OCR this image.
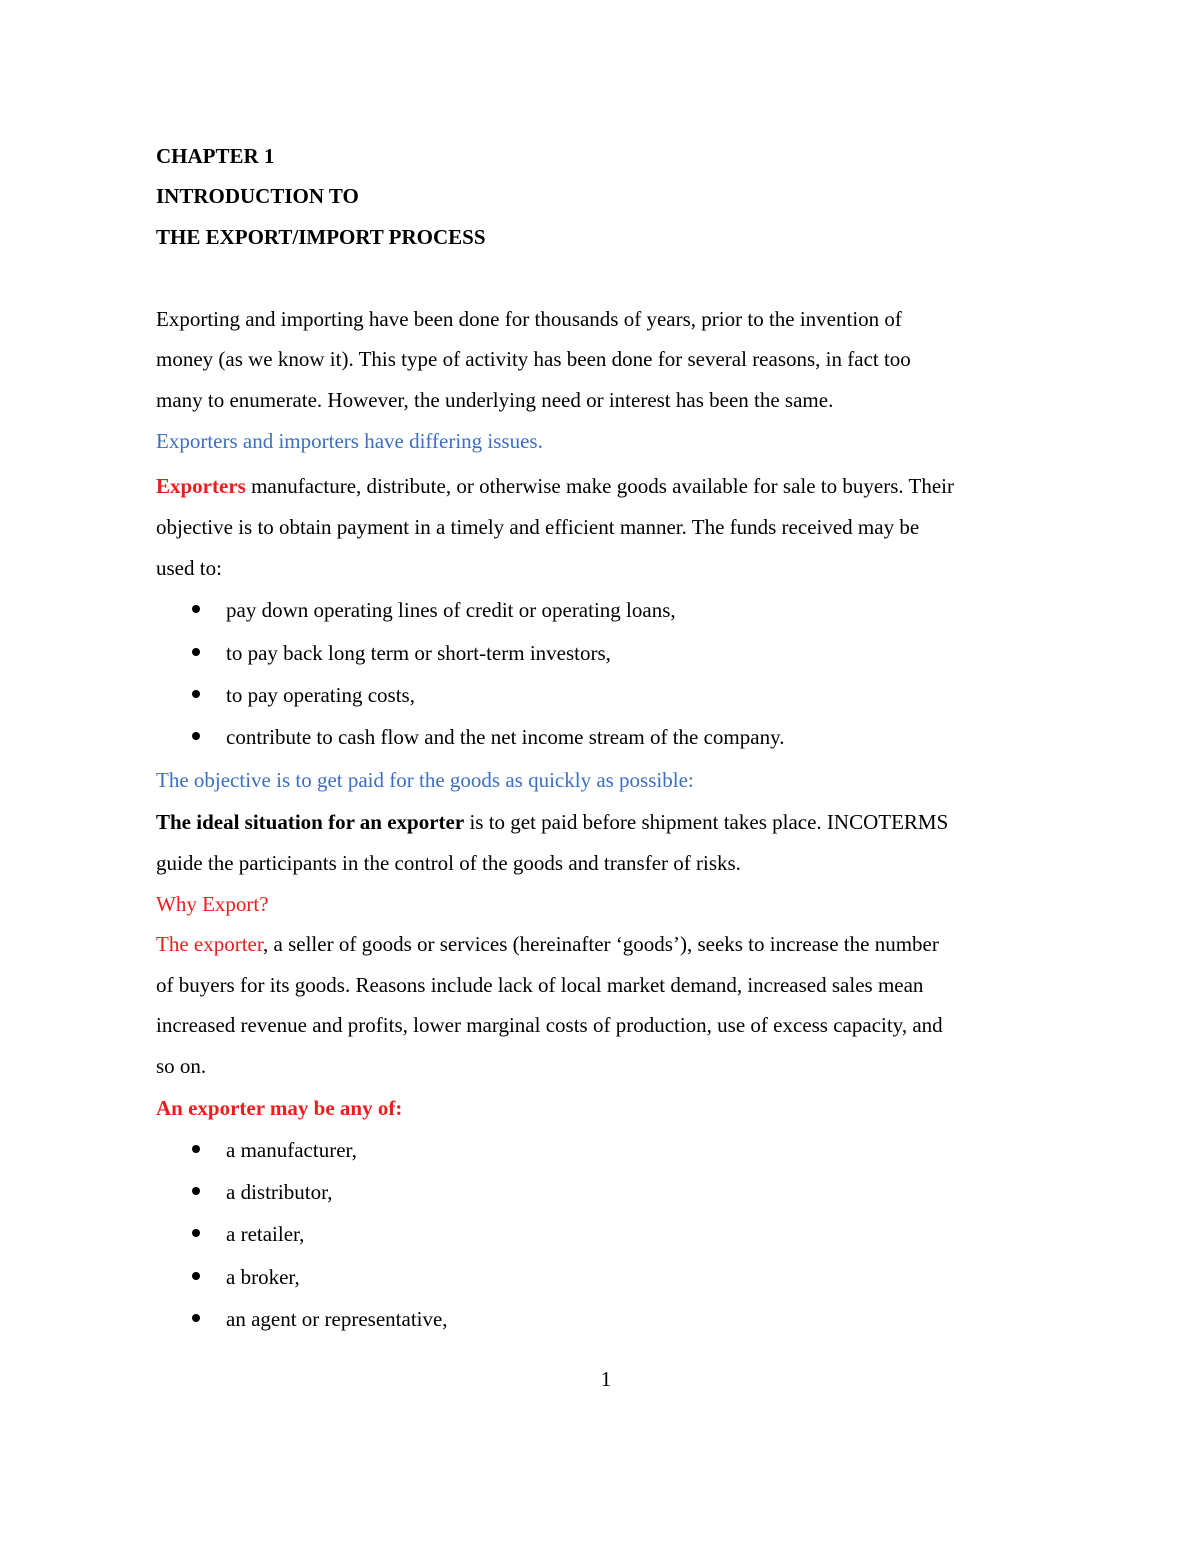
CHAPTER 1
INTRODUCTION TO
THE EXPORT/IMPORT PROCESS
Exporting and importing have been done for thousands of years, prior to the invention of
money (as we know it). This type of activity has been done for several reasons, in fact too
many to enumerate. However, the underlying need or interest has been the same.
Exporters and importers have differing issues.
Exporters manufacture, distribute, or otherwise make goods available for sale to buyers. Their
objective is to obtain payment in a timely and efficient manner. The funds received may be
used to:
pay down operating lines of credit or operating loans,
to pay back long term or short-term investors,
to pay operating costs,
contribute to cash flow and the net income stream of the company.
The objective is to get paid for the goods as quickly as possible:
The ideal situation for an exporter is to get paid before shipment takes place. INCOTERMS
guide the participants in the control of the goods and transfer of risks.
Why Export?
The exporter, a seller of goods or services (hereinafter ‘goods’), seeks to increase the number
of buyers for its goods. Reasons include lack of local market demand, increased sales mean
increased revenue and profits, lower marginal costs of production, use of excess capacity, and
so on.
An exporter may be any of:
a manufacturer,
a distributor,
a retailer,
a broker,
an agent or representative,
1
